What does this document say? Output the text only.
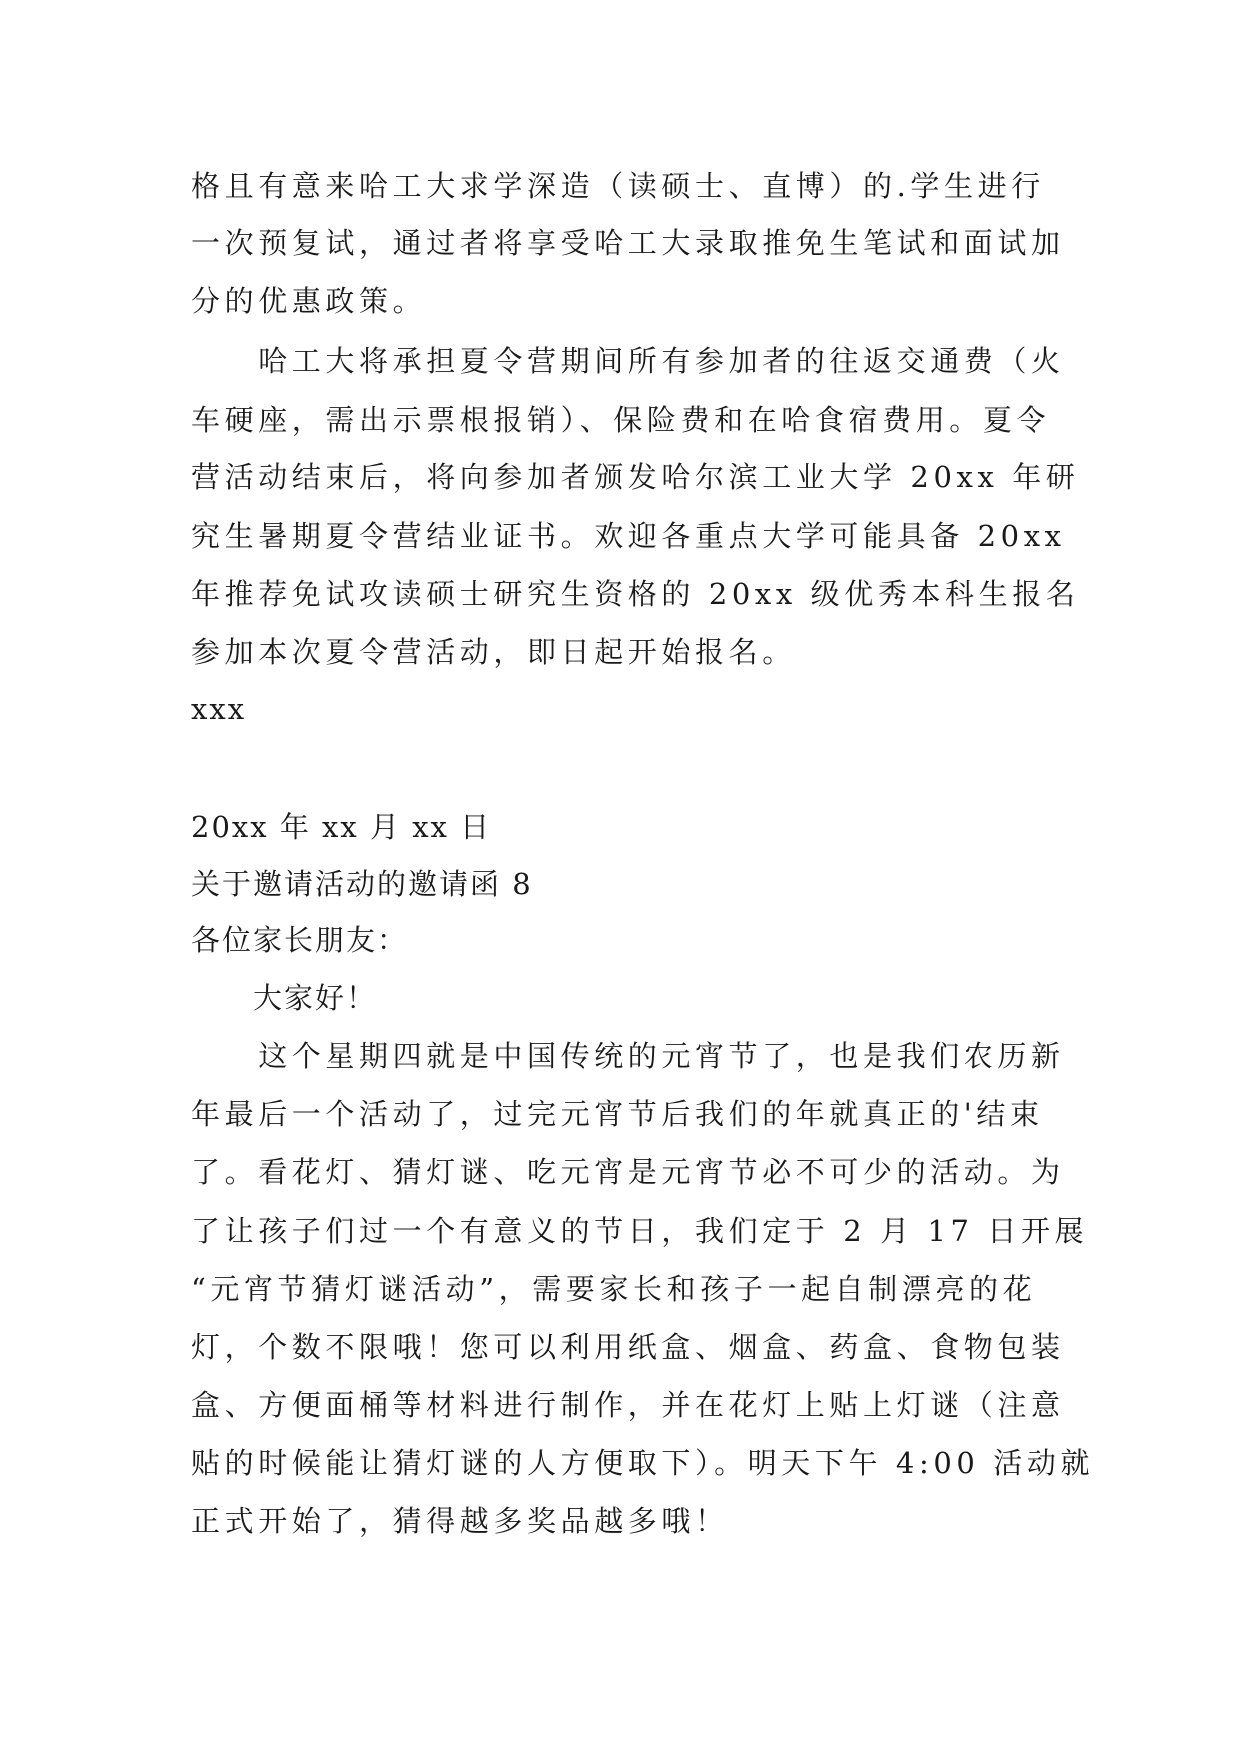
格且有意来哈工大求学深造（读硕士、直博）的.学生进行
一次预复试，通过者将享受哈工大录取推免生笔试和面试加
分的优惠政策。
　　哈工大将承担夏令营期间所有参加者的往返交通费（火
车硬座，需出示票根报销）、保险费和在哈食宿费用。夏令
营活动结束后，将向参加者颁发哈尔滨工业大学 20xx 年研
究生暑期夏令营结业证书。欢迎各重点大学可能具备 20xx
年推荐免试攻读硕士研究生资格的 20xx 级优秀本科生报名
参加本次夏令营活动，即日起开始报名。
xxx
20xx 年 xx 月 xx 日
关于邀请活动的邀请函 8
各位家长朋友：
　　大家好！
　　这个星期四就是中国传统的元宵节了，也是我们农历新
年最后一个活动了，过完元宵节后我们的年就真正的'结束
了。看花灯、猜灯谜、吃元宵是元宵节必不可少的活动。为
了让孩子们过一个有意义的节日，我们定于 2 月 17 日开展
“元宵节猜灯谜活动”，需要家长和孩子一起自制漂亮的花
灯，个数不限哦！您可以利用纸盒、烟盒、药盒、食物包装
盒、方便面桶等材料进行制作，并在花灯上贴上灯谜（注意
贴的时候能让猜灯谜的人方便取下）。明天下午 4:00 活动就
正式开始了，猜得越多奖品越多哦！
